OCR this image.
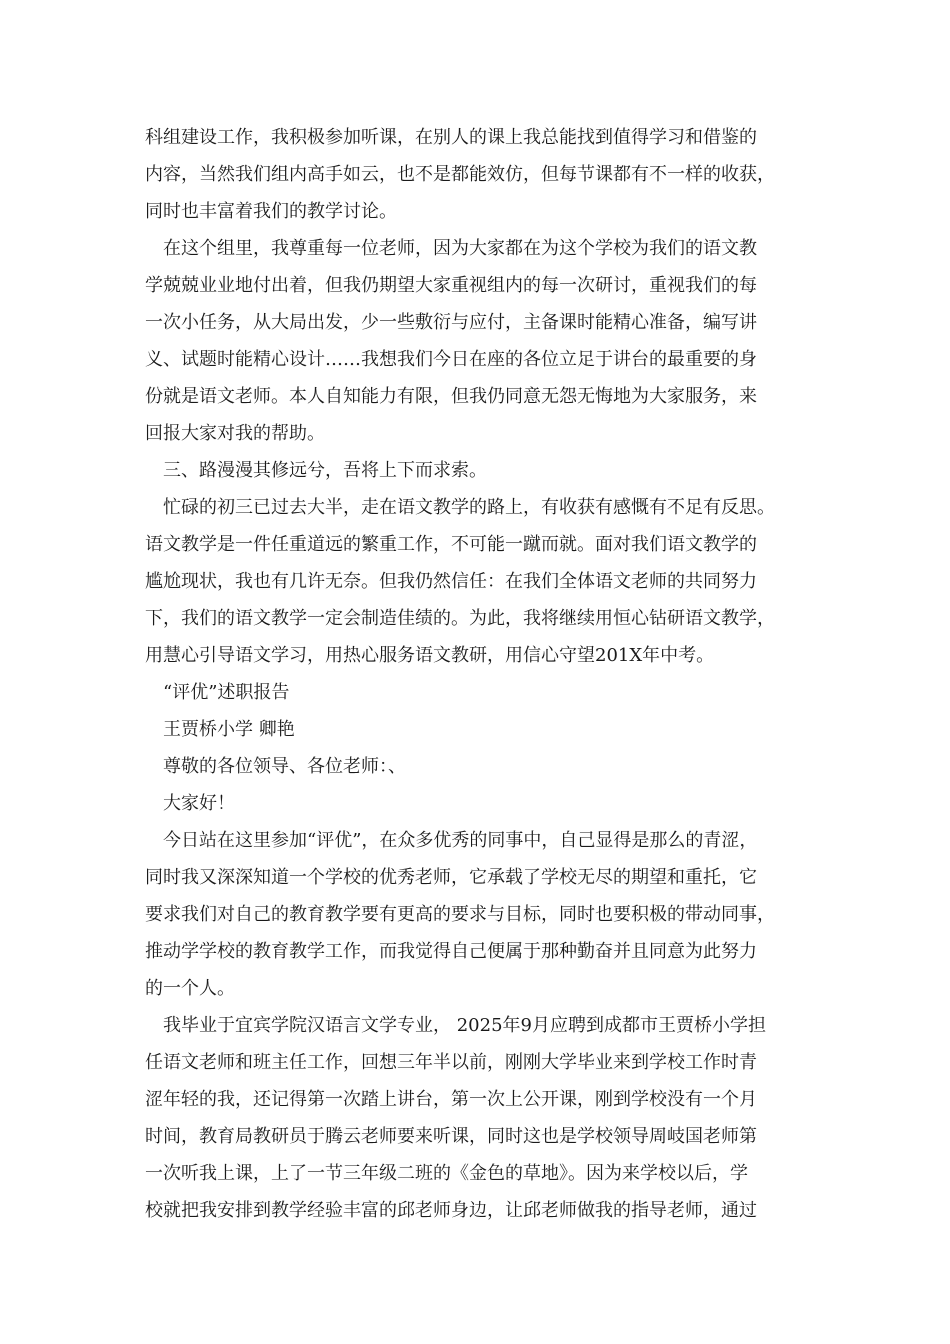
科组建设工作，我积极参加听课，在别人的课上我总能找到值得学习和借鉴的
内容，当然我们组内高手如云，也不是都能效仿，但每节课都有不一样的收获，
同时也丰富着我们的教学讨论。
在这个组里，我尊重每一位老师，因为大家都在为这个学校为我们的语文教
学兢兢业业地付出着，但我仍期望大家重视组内的每一次研讨，重视我们的每
一次小任务，从大局出发，少一些敷衍与应付，主备课时能精心准备，编写讲
义、试题时能精心设计……我想我们今日在座的各位立足于讲台的最重要的身
份就是语文老师。本人自知能力有限，但我仍同意无怨无悔地为大家服务，来
回报大家对我的帮助。
三、路漫漫其修远兮，吾将上下而求索。
忙碌的初三已过去大半，走在语文教学的路上，有收获有感慨有不足有反思。
语文教学是一件任重道远的繁重工作，不可能一蹴而就。面对我们语文教学的
尴尬现状，我也有几许无奈。但我仍然信任：在我们全体语文老师的共同努力
下，我们的语文教学一定会制造佳绩的。为此，我将继续用恒心钻研语文教学，
用慧心引导语文学习，用热心服务语文教研，用信心守望201X年中考。
“评优”述职报告
王贾桥小学 卿艳
尊敬的各位领导、各位老师：、
大家好！
今日站在这里参加“评优”，在众多优秀的同事中，自己显得是那么的青涩，
同时我又深深知道一个学校的优秀老师，它承载了学校无尽的期望和重托，它
要求我们对自己的教育教学要有更高的要求与目标，同时也要积极的带动同事，
推动学学校的教育教学工作，而我觉得自己便属于那种勤奋并且同意为此努力
的一个人。
我毕业于宜宾学院汉语言文学专业， 2025年9月应聘到成都市王贾桥小学担
任语文老师和班主任工作，回想三年半以前，刚刚大学毕业来到学校工作时青
涩年轻的我，还记得第一次踏上讲台，第一次上公开课，刚到学校没有一个月
时间，教育局教研员于腾云老师要来听课，同时这也是学校领导周岐国老师第
一次听我上课，上了一节三年级二班的《金色的草地》。因为来学校以后，学
校就把我安排到教学经验丰富的邱老师身边，让邱老师做我的指导老师，通过
